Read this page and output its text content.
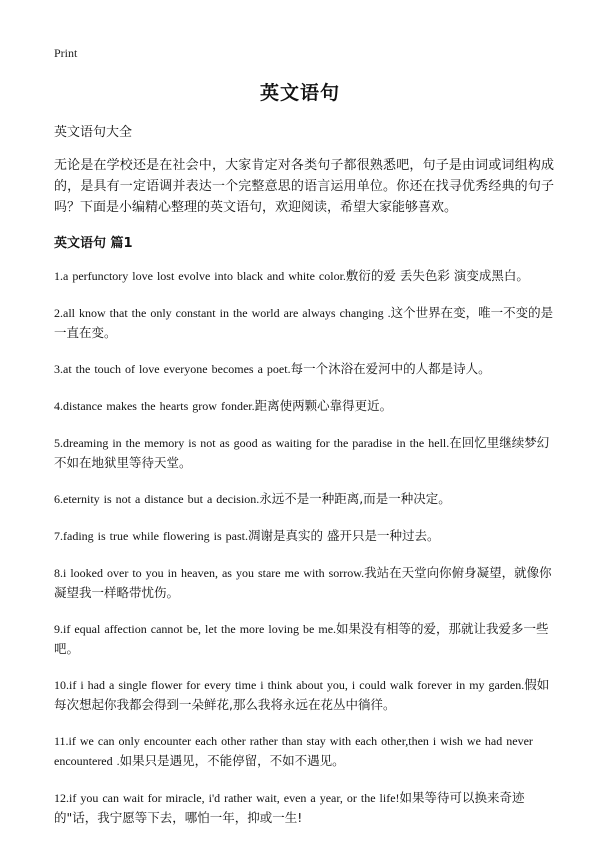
Print
英文语句
英文语句大全
无论是在学校还是在社会中，大家肯定对各类句子都很熟悉吧，句子是由词或词组构成的，是具有一定语调并表达一个完整意思的语言运用单位。你还在找寻优秀经典的句子吗？下面是小编精心整理的英文语句，欢迎阅读，希望大家能够喜欢。
英文语句 篇1
1.a perfunctory love lost evolve into black and white color.敷衍的爱 丢失色彩 演变成黑白。
2.all know that the only constant in the world are always changing .这个世界在变，唯一不变的是一直在变。
3.at the touch of love everyone becomes a poet.每一个沐浴在爱河中的人都是诗人。
4.distance makes the hearts grow fonder.距离使两颗心靠得更近。
5.dreaming in the memory is not as good as waiting for the paradise in the hell.在回忆里继续梦幻不如在地狱里等待天堂。
6.eternity is not a distance but a decision.永远不是一种距离,而是一种决定。
7.fading is true while flowering is past.凋谢是真实的 盛开只是一种过去。
8.i looked over to you in heaven, as you stare me with sorrow.我站在天堂向你俯身凝望，就像你凝望我一样略带忧伤。
9.if equal affection cannot be, let the more loving be me.如果没有相等的爱，那就让我爱多一些吧。
10.if i had a single flower for every time i think about you, i could walk forever in my garden.假如每次想起你我都会得到一朵鲜花,那么我将永远在花丛中徜徉。
11.if we can only encounter each other rather than stay with each other,then i wish we had never encountered .如果只是遇见，不能停留，不如不遇见。
12.if you can wait for miracle, i'd rather wait, even a year, or the life!如果等待可以换来奇迹的"话，我宁愿等下去，哪怕一年，抑或一生!
